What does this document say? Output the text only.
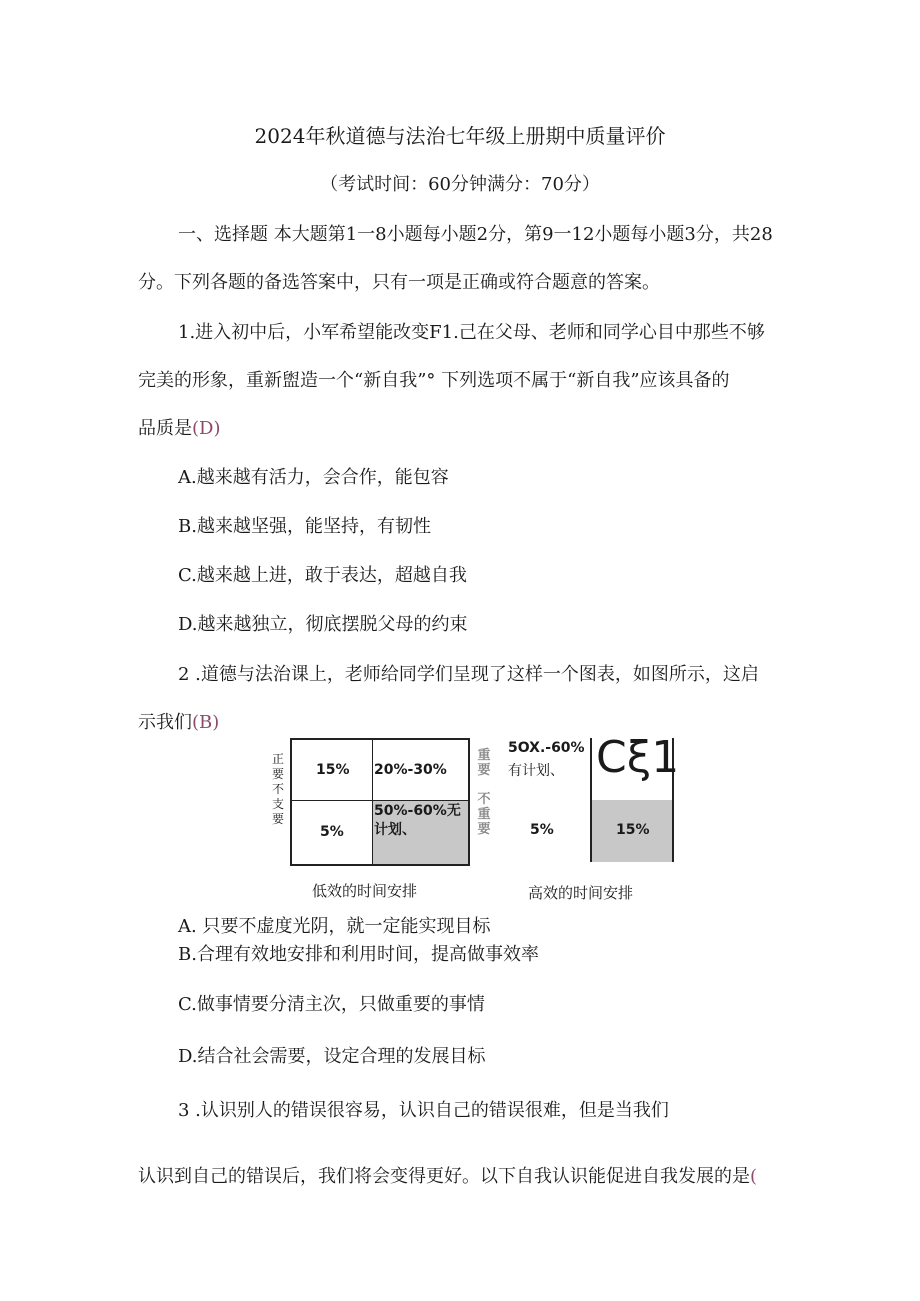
2024年秋道德与法治七年级上册期中质量评价
（考试时间：60分钟满分：70分）
一、选择题 本大题第1一8小题每小题2分，第9一12小题每小题3分，共28
分。下列各题的备选答案中，只有一项是正确或符合题意的答案。
1.进入初中后，小军希望能改变F1.己在父母、老师和同学心目中那些不够
完美的形象，重新盥造一个“新自我”° 下列选项不属于“新自我”应该具备的
品质是(D)
A.越来越有活力，会合作，能包容
B.越来越坚强，能坚持，有韧性
C.越来越上进，敢于表达，超越自我
D.越来越独立，彻底摆脱父母的约束
2 .道德与法治课上，老师给同学们呈现了这样一个图表，如图所示，这启
示我们(B)
正要不支要
15% 20%-30%
5%
50%-60%无计划、
重要
不重要
5OX.-60%
有计划、
5%
Cξ1
15%
低效的时间安排	高效的时间安排
A. 只要不虚度光阴，就一定能实现目标
B.合理有效地安排和利用时间，提高做事效率
C.做事情要分清主次，只做重要的事情
D.结合社会需要，设定合理的发展目标
3 .认识别人的错误很容易，认识自己的错误很难，但是当我们
认识到自己的错误后，我们将会变得更好。以下自我认识能促进自我发展的是(
